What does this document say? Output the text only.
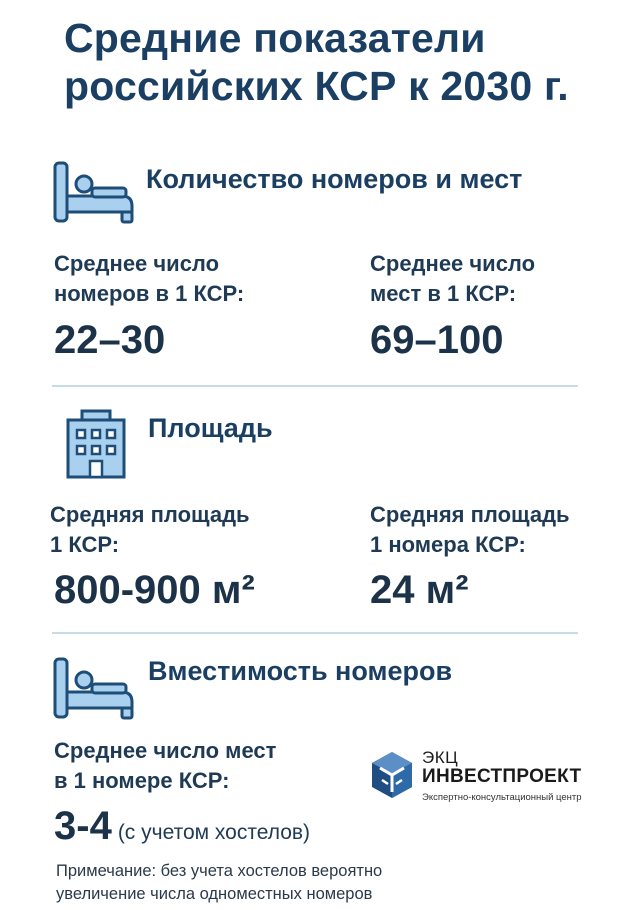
Средние показатели
российских КСР к 2030 г.
Количество номеров и мест
Среднее число
номеров в 1 КСР:
22–30
Среднее число
мест в 1 КСР:
69–100
Площадь
Средняя площадь
1 КСР:
800-900 м²
Средняя площадь
1 номера КСР:
24 м²
Вместимость номеров
Среднее число мест
в 1 номере КСР:
3-4 (с учетом хостелов)
ЭКЦ
ИНВЕСТПРОЕКТ
Экспертно-консультационный центр
Примечание: без учета хостелов вероятно
увеличение числа одноместных номеров
